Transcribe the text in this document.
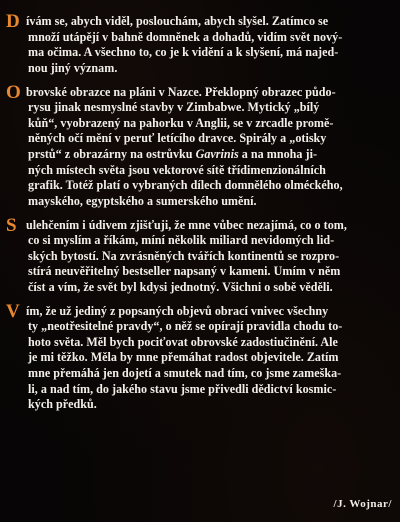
D ívám se, abych viděl, poslouchám, abych slyšel. Zatímco se
množí utápějí v bahně domněnek a dohadů, vidím svět nový-
ma očima. A všechno to, co je k vidění a k slyšení, má najed-
nou jiný význam.

O brovské obrazce na pláni v Nazce. Překlopný obrazec půdo-
rysu jinak nesmyslné stavby v Zimbabwe. Mytický „bílý
kůň“, vyobrazený na pahorku v Anglii, se v zrcadle promě-
něných očí mění v peruť letícího dravce. Spirály a „otisky
prstů“ z obrazárny na ostrůvku Gavrinis a na mnoha ji-
ných místech světa jsou vektorové sítě třídimenzionálních
grafik. Totéž platí o vybraných dílech domnělého olméckého,
mayského, egyptského a sumerského umění.

S ulehčením i údivem zjišťuji, že mne vůbec nezajímá, co o tom,
co si myslím a říkám, míní několik miliard nevidomých lid-
ských bytostí. Na zvrásněných tvářích kontinentů se rozpro-
stírá neuvěřitelný bestseller napsaný v kameni. Umím v něm
číst a vím, že svět byl kdysi jednotný. Všichni o sobě věděli.

V ím, že už jediný z popsaných objevů obrací vnivec všechny
ty „neotřesitelné pravdy“, o něž se opírají pravidla chodu to-
hoto světa. Měl bych pociťovat obrovské zadostiučinění. Ale
je mi těžko. Měla by mne přemáhat radost objevitele. Zatím
mne přemáhá jen dojetí a smutek nad tím, co jsme zameška-
li, a nad tím, do jakého stavu jsme přivedli dědictví kosmic-
kých předků.

/J. Wojnar/
